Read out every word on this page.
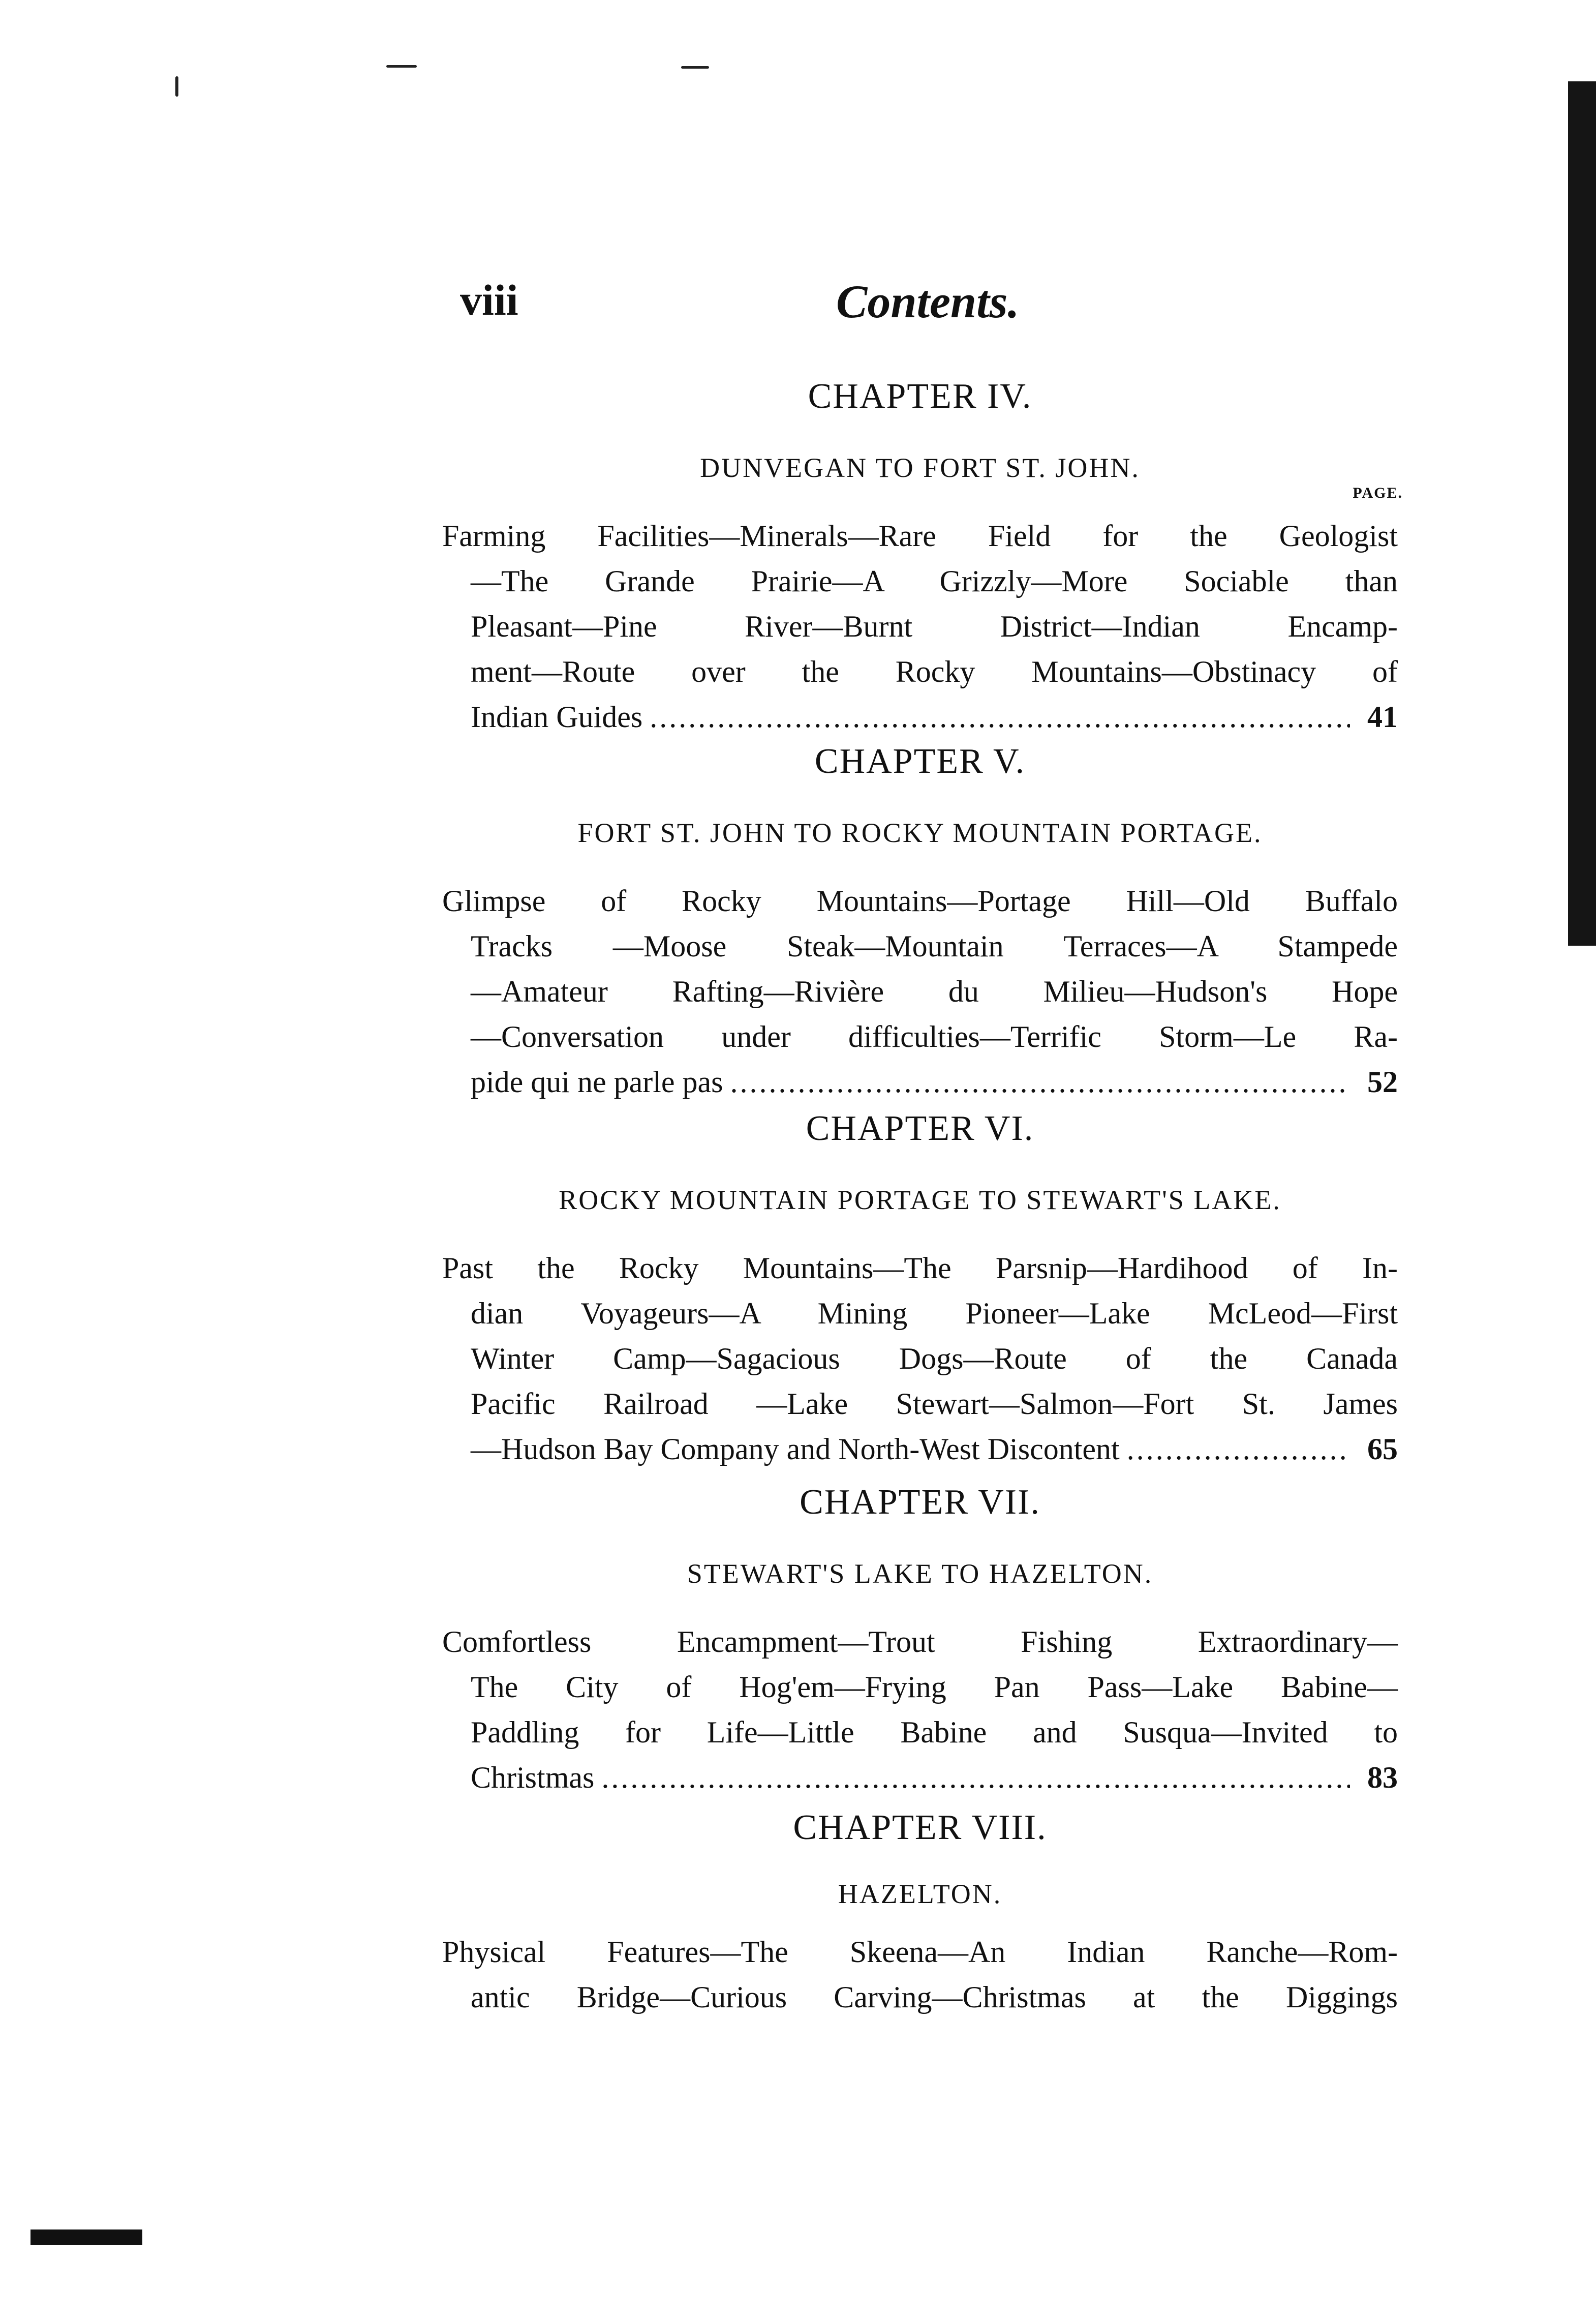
viii	Contents.
CHAPTER IV.
DUNVEGAN TO FORT ST. JOHN.
PAGE.
Farming Facilities—Minerals—Rare Field for the Geologist
—The Grande Prairie—A Grizzly—More Sociable than
Pleasant—Pine River—Burnt District—Indian Encamp-
ment—Route over the Rocky Mountains—Obstinacy of
Indian Guides .....	41
CHAPTER V.
FORT ST. JOHN TO ROCKY MOUNTAIN PORTAGE.
Glimpse of Rocky Mountains—Portage Hill—Old Buffalo
Tracks —Moose Steak—Mountain Terraces—A Stampede
—Amateur Rafting—Rivière du Milieu—Hudson's Hope
—Conversation under difficulties—Terrific Storm—Le Ra-
pide qui ne parle pas .....	52
CHAPTER VI.
ROCKY MOUNTAIN PORTAGE TO STEWART'S LAKE.
Past the Rocky Mountains—The Parsnip—Hardihood of In-
dian Voyageurs—A Mining Pioneer—Lake McLeod—First
Winter Camp—Sagacious Dogs—Route of the Canada
Pacific Railroad —Lake Stewart—Salmon—Fort St. James
—Hudson Bay Company and North-West Discontent .....	65
CHAPTER VII.
STEWART'S LAKE TO HAZELTON.
Comfortless Encampment—Trout Fishing Extraordinary—
The City of Hog'em—Frying Pan Pass—Lake Babine—
Paddling for Life—Little Babine and Susqua—Invited to
Christmas .....	83
CHAPTER VIII.
HAZELTON.
Physical Features—The Skeena—An Indian Ranche—Rom-
antic Bridge—Curious Carving—Christmas at the Diggings
